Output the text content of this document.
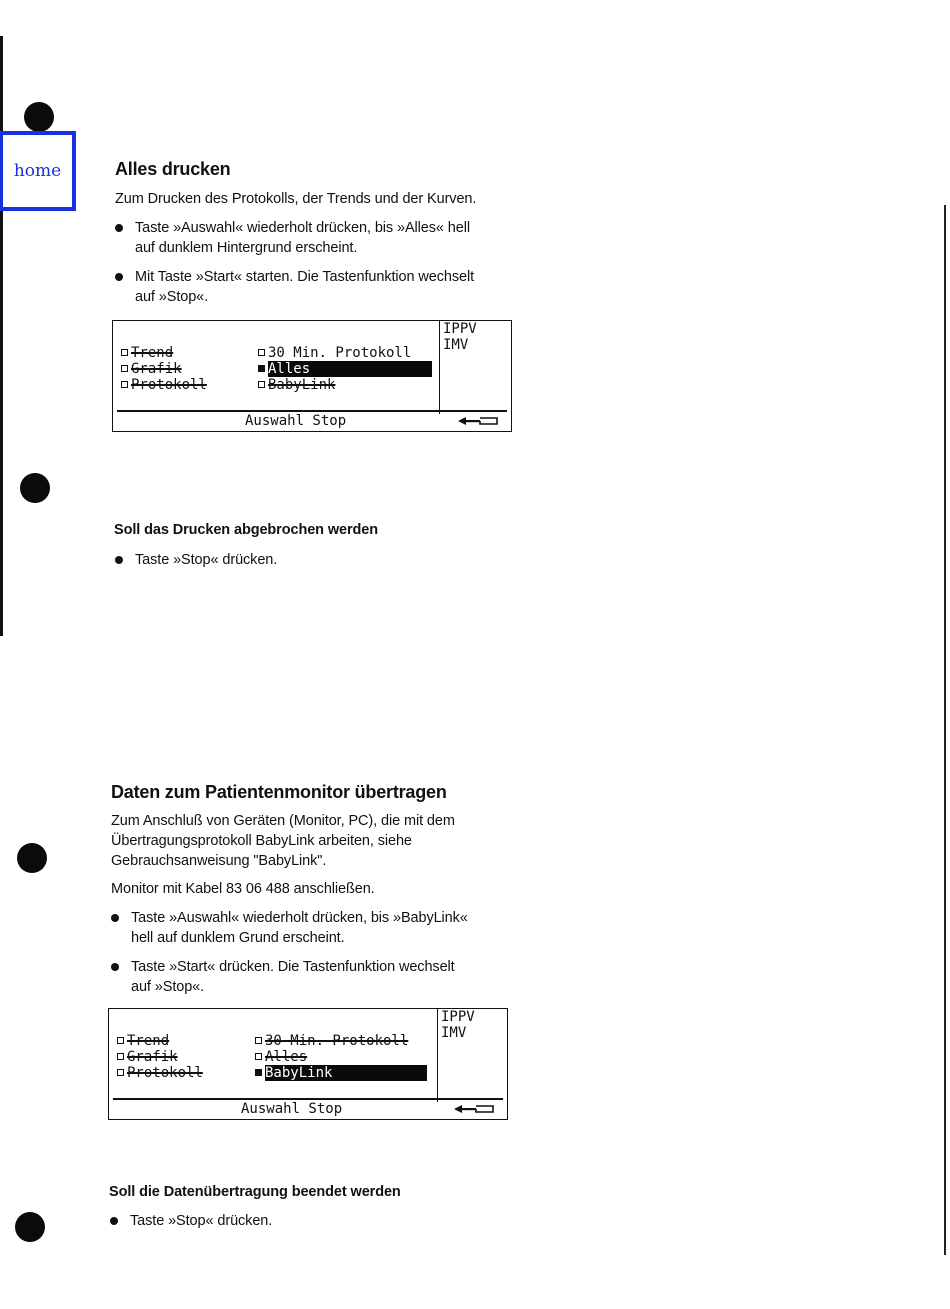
home	Alles drucken

Zum Drucken des Protokolls, der Trends und der Kurven.

Taste »Auswahl« wiederholt drücken, bis »Alles« hell
auf dunklem Hintergrund erscheint.
Mit Taste »Start« starten. Die Tastenfunktion wechselt
auf »Stop«.
IPPV
IMV
Trend
Grafik
Protokoll
30 Min. Protokoll
Alles
BabyLink
Auswahl Stop
Soll das Drucken abgebrochen werden
Taste »Stop« drücken.
Daten zum Patientenmonitor übertragen

Zum Anschluß von Geräten (Monitor, PC), die mit dem
Übertragungsprotokoll BabyLink arbeiten, siehe
Gebrauchsanweisung "BabyLink".

Monitor mit Kabel 83 06 488 anschließen.

Taste »Auswahl« wiederholt drücken, bis »BabyLink«
hell auf dunklem Grund erscheint.
Taste »Start« drücken. Die Tastenfunktion wechselt
auf »Stop«.
IPPV
IMV
Trend
Grafik
Protokoll
30 Min. Protokoll
Alles
BabyLink
Auswahl Stop
Soll die Datenübertragung beendet werden
Taste »Stop« drücken.
